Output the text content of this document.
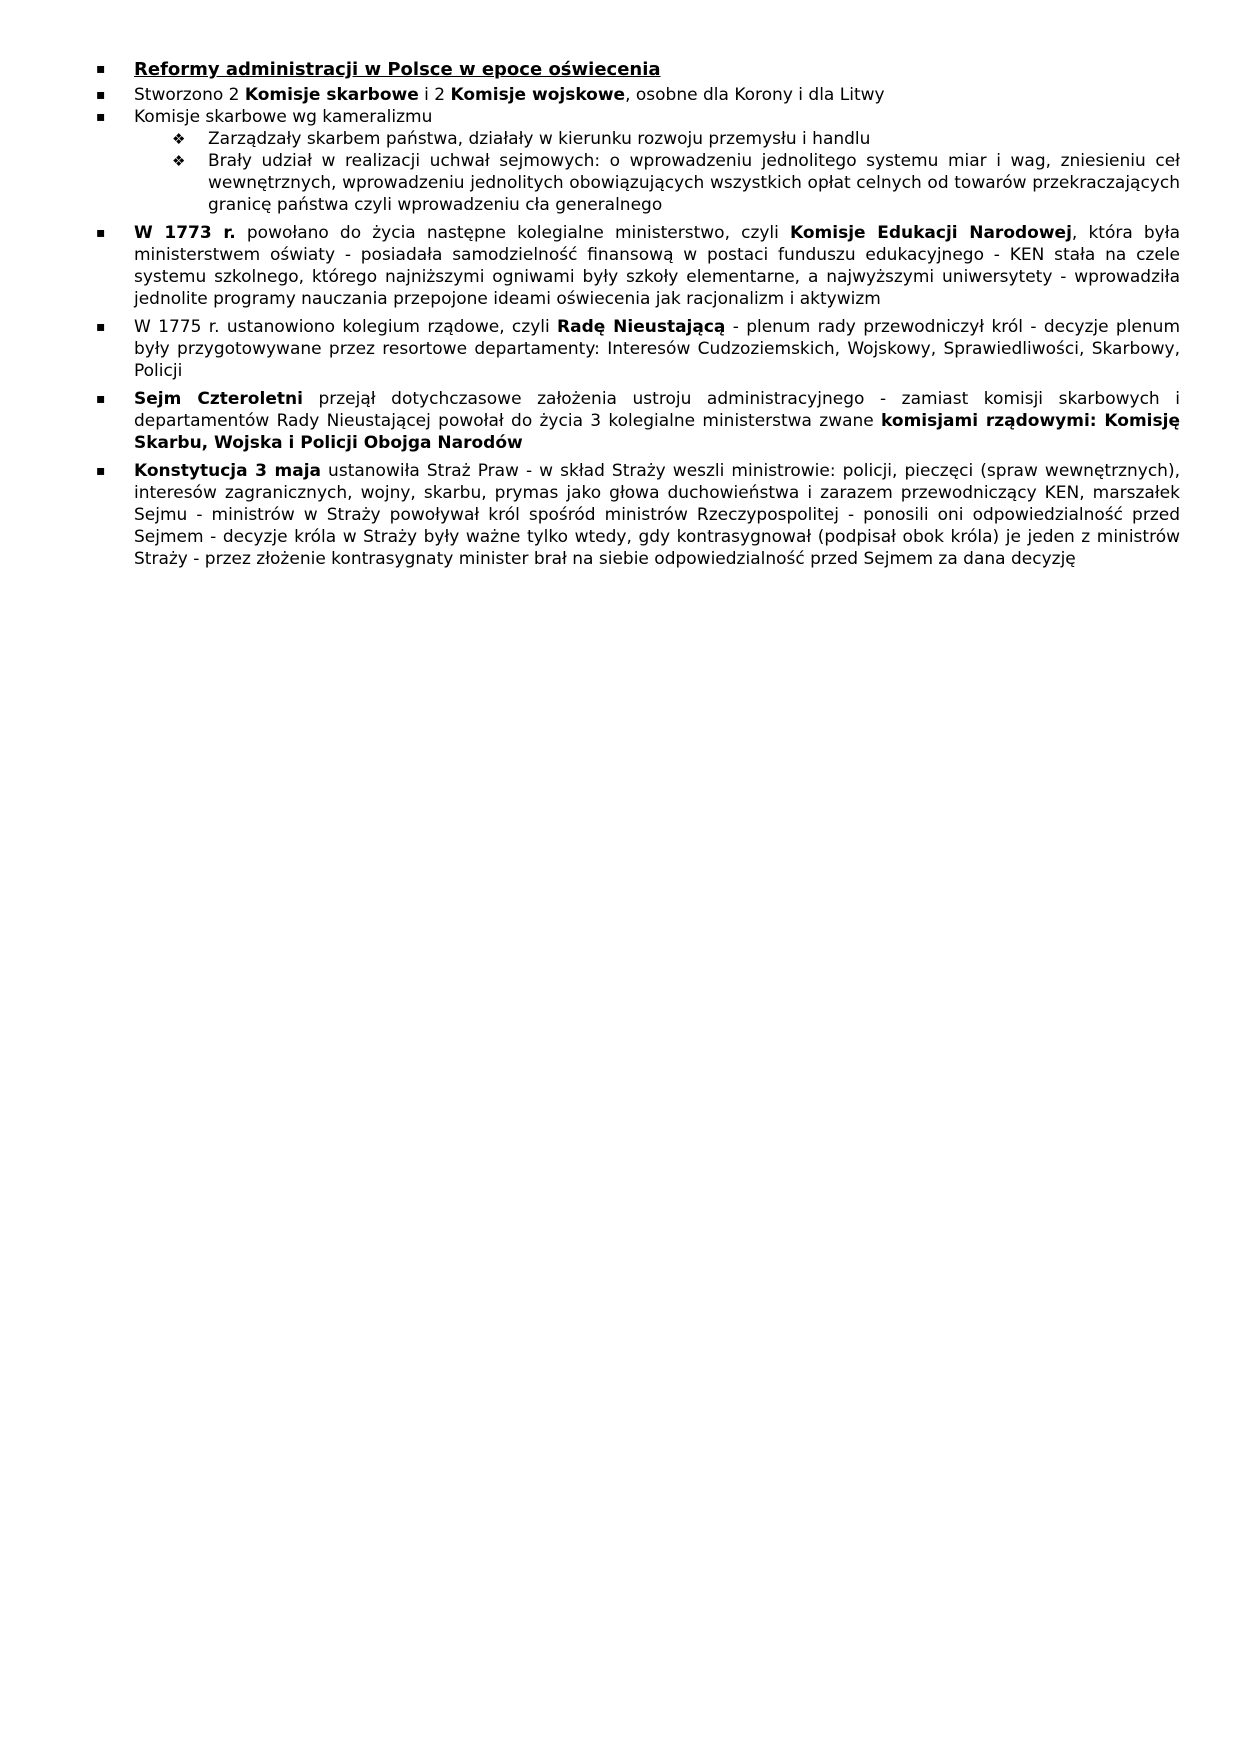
▪ Reformy administracji w Polsce w epoce oświecenia
▪ Stworzono 2 Komisje skarbowe i 2 Komisje wojskowe, osobne dla Korony i dla Litwy
▪ Komisje skarbowe wg kameralizmu
❖ Zarządzały skarbem państwa, działały w kierunku rozwoju przemysłu i handlu
❖ Brały udział w realizacji uchwał sejmowych: o wprowadzeniu jednolitego systemu miar i wag, zniesieniu ceł wewnętrznych, wprowadzeniu jednolitych obowiązujących wszystkich opłat celnych od towarów przekraczających granicę państwa czyli wprowadzeniu cła generalnego
▪ W 1773 r. powołano do życia następne kolegialne ministerstwo, czyli Komisje Edukacji Narodowej, która była ministerstwem oświaty - posiadała samodzielność finansową w postaci funduszu edukacyjnego - KEN stała na czele systemu szkolnego, którego najniższymi ogniwami były szkoły elementarne, a najwyższymi uniwersytety - wprowadziła jednolite programy nauczania przepojone ideami oświecenia jak racjonalizm i aktywizm
▪ W 1775 r. ustanowiono kolegium rządowe, czyli Radę Nieustającą - plenum rady przewodniczył król - decyzje plenum były przygotowywane przez resortowe departamenty: Interesów Cudzoziemskich, Wojskowy, Sprawiedliwości, Skarbowy, Policji
▪ Sejm Czteroletni przejął dotychczasowe założenia ustroju administracyjnego - zamiast komisji skarbowych i departamentów Rady Nieustającej powołał do życia 3 kolegialne ministerstwa zwane komisjami rządowymi: Komisję Skarbu, Wojska i Policji Obojga Narodów
▪ Konstytucja 3 maja ustanowiła Straż Praw - w skład Straży weszli ministrowie: policji, pieczęci (spraw wewnętrznych), interesów zagranicznych, wojny, skarbu, prymas jako głowa duchowieństwa i zarazem przewodniczący KEN, marszałek Sejmu - ministrów w Straży powoływał król spośród ministrów Rzeczypospolitej - ponosili oni odpowiedzialność przed Sejmem - decyzje króla w Straży były ważne tylko wtedy, gdy kontrasygnował (podpisał obok króla) je jeden z ministrów Straży - przez złożenie kontrasygnaty minister brał na siebie odpowiedzialność przed Sejmem za dana decyzję
